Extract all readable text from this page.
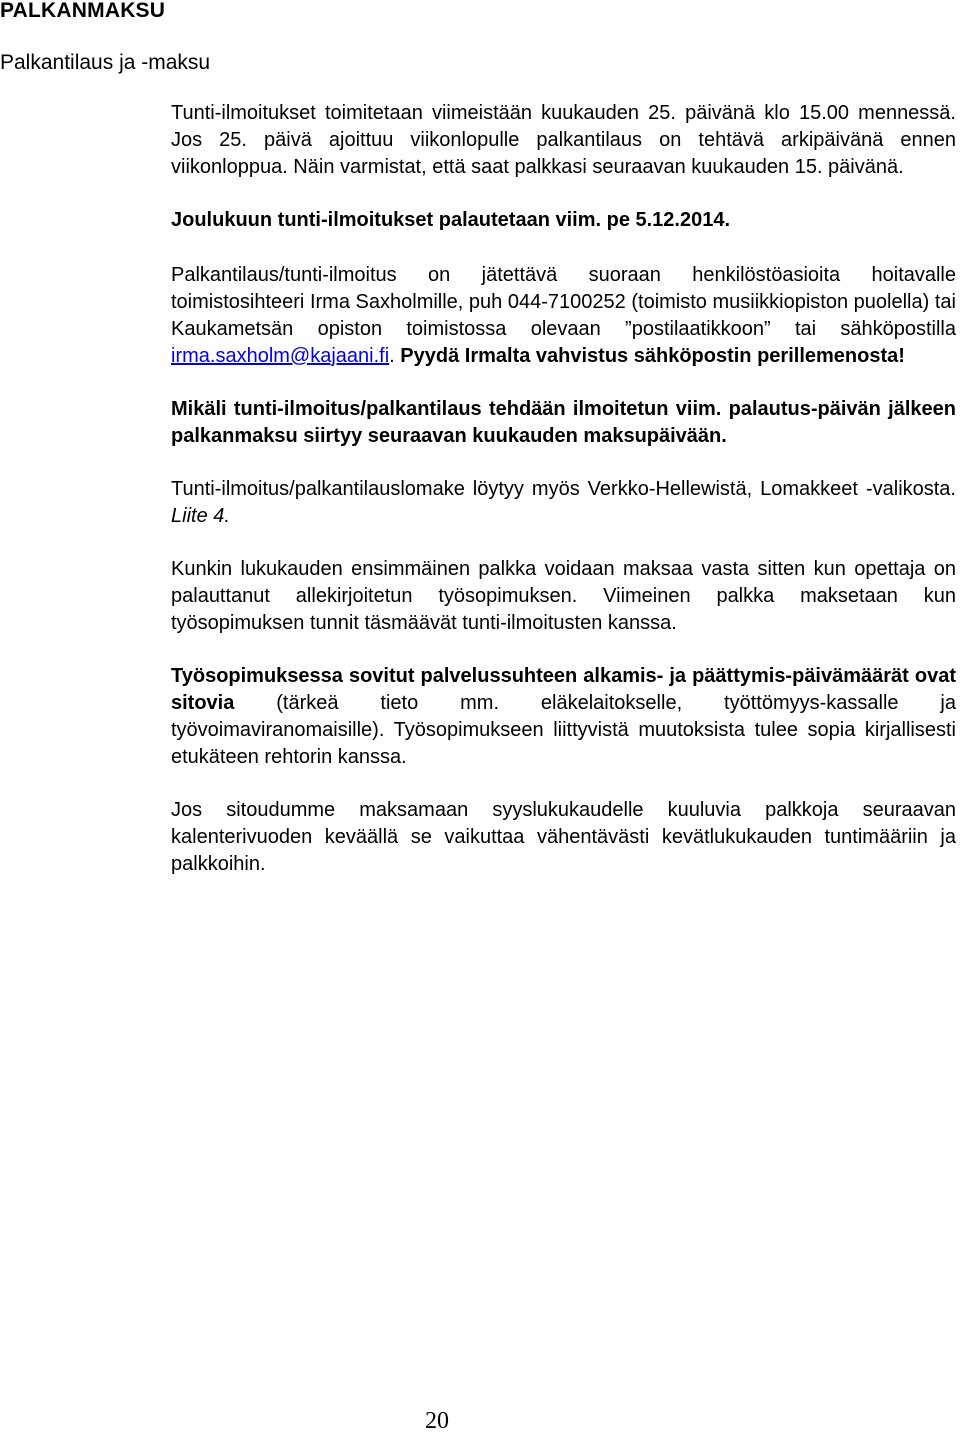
PALKANMAKSU
Palkantilaus ja -maksu

Tunti-ilmoitukset toimitetaan viimeistään kuukauden 25. päivänä klo 15.00 mennessä. Jos 25. päivä ajoittuu viikonlopulle palkantilaus on tehtävä arkipäivänä ennen viikonloppua. Näin varmistat, että saat palkkasi seuraavan kuukauden 15. päivänä.

Joulukuun tunti-ilmoitukset palautetaan viim. pe 5.12.2014.

Palkantilaus/tunti-ilmoitus on jätettävä suoraan henkilöstöasioita hoitavalle toimistosihteeri Irma Saxholmille, puh 044-7100252 (toimisto musiikkiopiston puolella) tai Kaukametsän opiston toimistossa olevaan ”postilaatikkoon” tai sähköpostilla irma.saxholm@kajaani.fi. Pyydä Irmalta vahvistus sähköpostin perillemenosta!

Mikäli tunti-ilmoitus/palkantilaus tehdään ilmoitetun viim. palautus-päivän jälkeen palkanmaksu siirtyy seuraavan kuukauden maksupäivään.

Tunti-ilmoitus/palkantilauslomake löytyy myös Verkko-Hellewistä, Lomakkeet -valikosta. Liite 4.

Kunkin lukukauden ensimmäinen palkka voidaan maksaa vasta sitten kun opettaja on palauttanut allekirjoitetun työsopimuksen. Viimeinen palkka maksetaan kun työsopimuksen tunnit täsmäävät tunti-ilmoitusten kanssa.

Työsopimuksessa sovitut palvelussuhteen alkamis- ja päättymis-päivämäärät ovat sitovia (tärkeä tieto mm. eläkelaitokselle, työttömyys-kassalle ja työvoimaviranomaisille). Työsopimukseen liittyvistä muutoksista tulee sopia kirjallisesti etukäteen rehtorin kanssa.

Jos sitoudumme maksamaan syyslukukaudelle kuuluvia palkkoja seuraavan kalenterivuoden keväällä se vaikuttaa vähentävästi kevätlukukauden tuntimääriin ja palkkoihin.

20
